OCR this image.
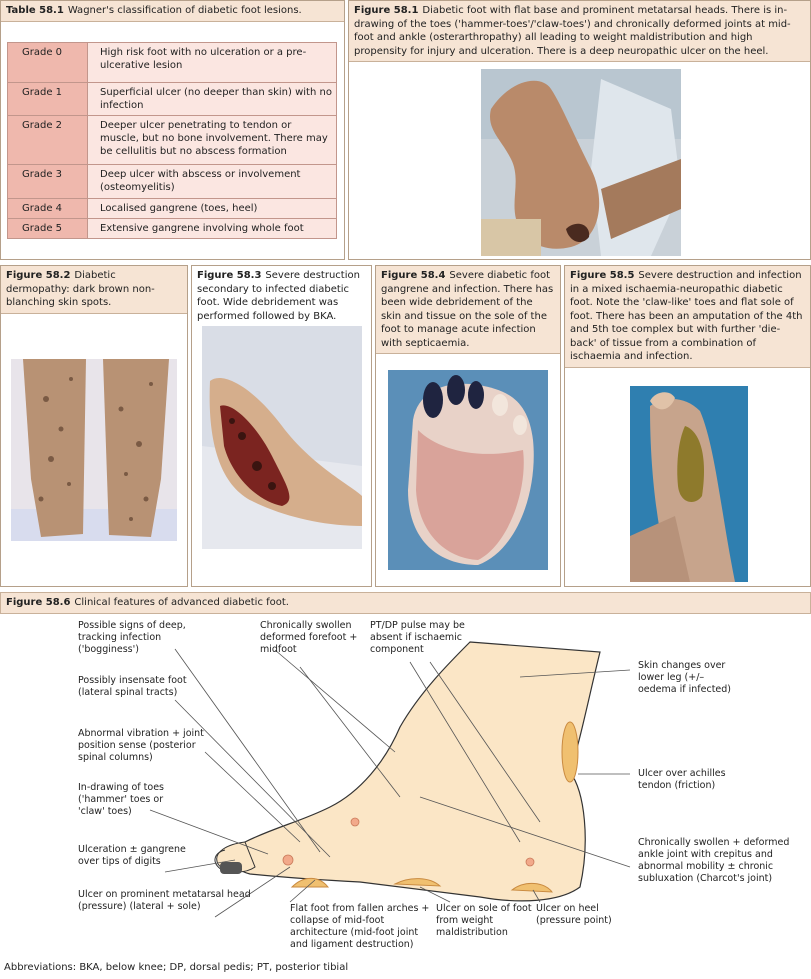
Table 58.1 Wagner's classification of diabetic foot lesions.
Grade 0	High risk foot with no ulceration or a pre-ulcerative lesion
Grade 1	Superficial ulcer (no deeper than skin) with no infection
Grade 2	Deeper ulcer penetrating to tendon or muscle, but no bone involvement. There may be cellulitis but no abscess formation
Grade 3	Deep ulcer with abscess or involvement (osteomyelitis)
Grade 4	Localised gangrene (toes, heel)
Grade 5	Extensive gangrene involving whole foot
Figure 58.1 Diabetic foot with flat base and prominent metatarsal heads. There is in-drawing of the toes ('hammer-toes'/'claw-toes') and chronically deformed joints at mid-foot and ankle (osterarthropathy) all leading to weight maldistribution and high propensity for injury and ulceration. There is a deep neuropathic ulcer on the heel.
Figure 58.2 Diabetic dermopathy: dark brown non-blanching skin spots.
Figure 58.3 Severe destruction secondary to infected diabetic foot. Wide debridement was performed followed by BKA.
Figure 58.4 Severe diabetic foot gangrene and infection. There has been wide debridement of the skin and tissue on the sole of the foot to manage acute infection with septicaemia.
Figure 58.5 Severe destruction and infection in a mixed ischaemia-neuropathic diabetic foot. Note the 'claw-like' toes and flat sole of foot. There has been an amputation of the 4th and 5th toe complex but with further 'die-back' of tissue from a combination of ischaemia and infection.
Figure 58.6 Clinical features of advanced diabetic foot.
Possible signs of deep, tracking infection ('bogginess')
Possibly insensate foot (lateral spinal tracts)
Abnormal vibration + joint position sense (posterior spinal columns)
In-drawing of toes ('hammer' toes or 'claw' toes)
Ulceration ± gangrene over tips of digits
Ulcer on prominent metatarsal head (pressure) (lateral + sole)
Chronically swollen deformed forefoot + midfoot
PT/DP pulse may be absent if ischaemic component
Skin changes over lower leg (+/– oedema if infected)
Ulcer over achilles tendon (friction)
Chronically swollen + deformed ankle joint with crepitus and abnormal mobility ± chronic subluxation (Charcot's joint)
Flat foot from fallen arches + collapse of mid-foot architecture (mid-foot joint and ligament destruction)
Ulcer on sole of foot from weight maldistribution
Ulcer on heel (pressure point)
Abbreviations: BKA, below knee; DP, dorsal pedis; PT, posterior tibial
